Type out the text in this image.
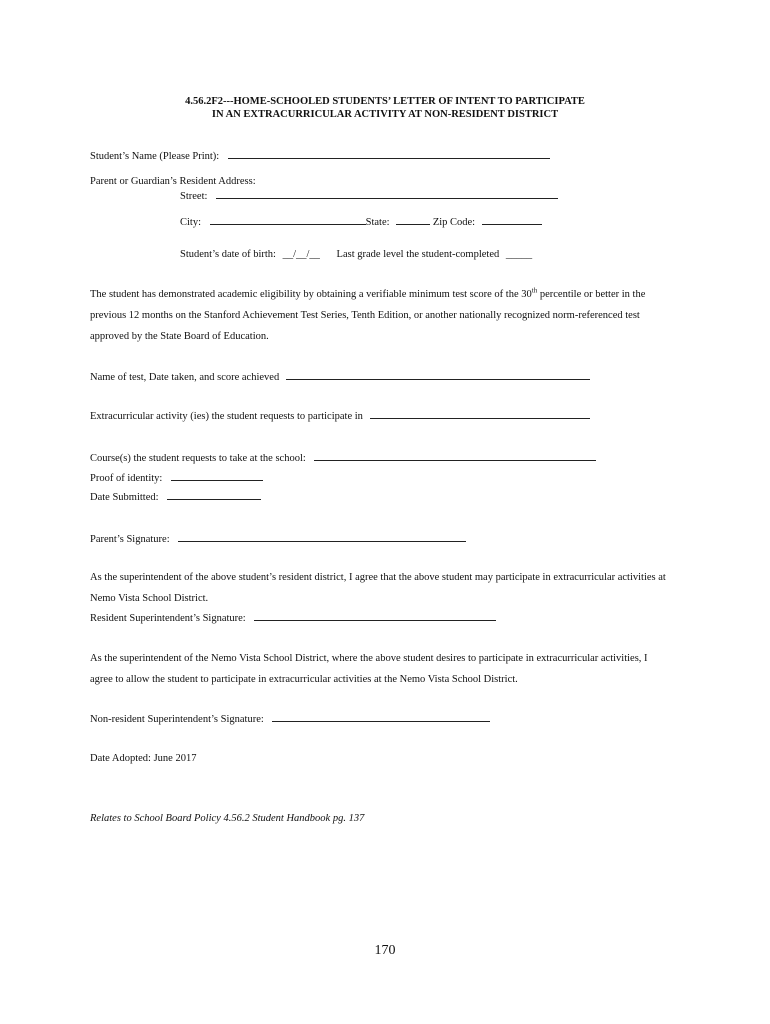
4.56.2F2---HOME-SCHOOLED STUDENTS’ LETTER OF INTENT TO PARTICIPATE
IN AN EXTRACURRICULAR ACTIVITY AT NON-RESIDENT DISTRICT
Student’s Name (Please Print):
Parent or Guardian’s Resident Address:
Street:
City:	State:	Zip Code:
Student’s date of birth: __/__/__ Last grade level the student-completed _____
The student has demonstrated academic eligibility by obtaining a verifiable minimum test score of the 30th percentile or better in the previous 12 months on the Stanford Achievement Test Series, Tenth Edition, or another nationally recognized norm-referenced test approved by the State Board of Education.
Name of test, Date taken, and score achieved
Extracurricular activity (ies) the student requests to participate in
Course(s) the student requests to take at the school:
Proof of identity:
Date Submitted:
Parent’s Signature:
As the superintendent of the above student’s resident district, I agree that the above student may participate in extracurricular activities at Nemo Vista School District.
Resident Superintendent’s Signature:
As the superintendent of the Nemo Vista School District, where the above student desires to participate in extracurricular activities, I agree to allow the student to participate in extracurricular activities at the Nemo Vista School District.
Non-resident Superintendent’s Signature:
Date Adopted: June 2017
Relates to School Board Policy 4.56.2 Student Handbook pg. 137
170
